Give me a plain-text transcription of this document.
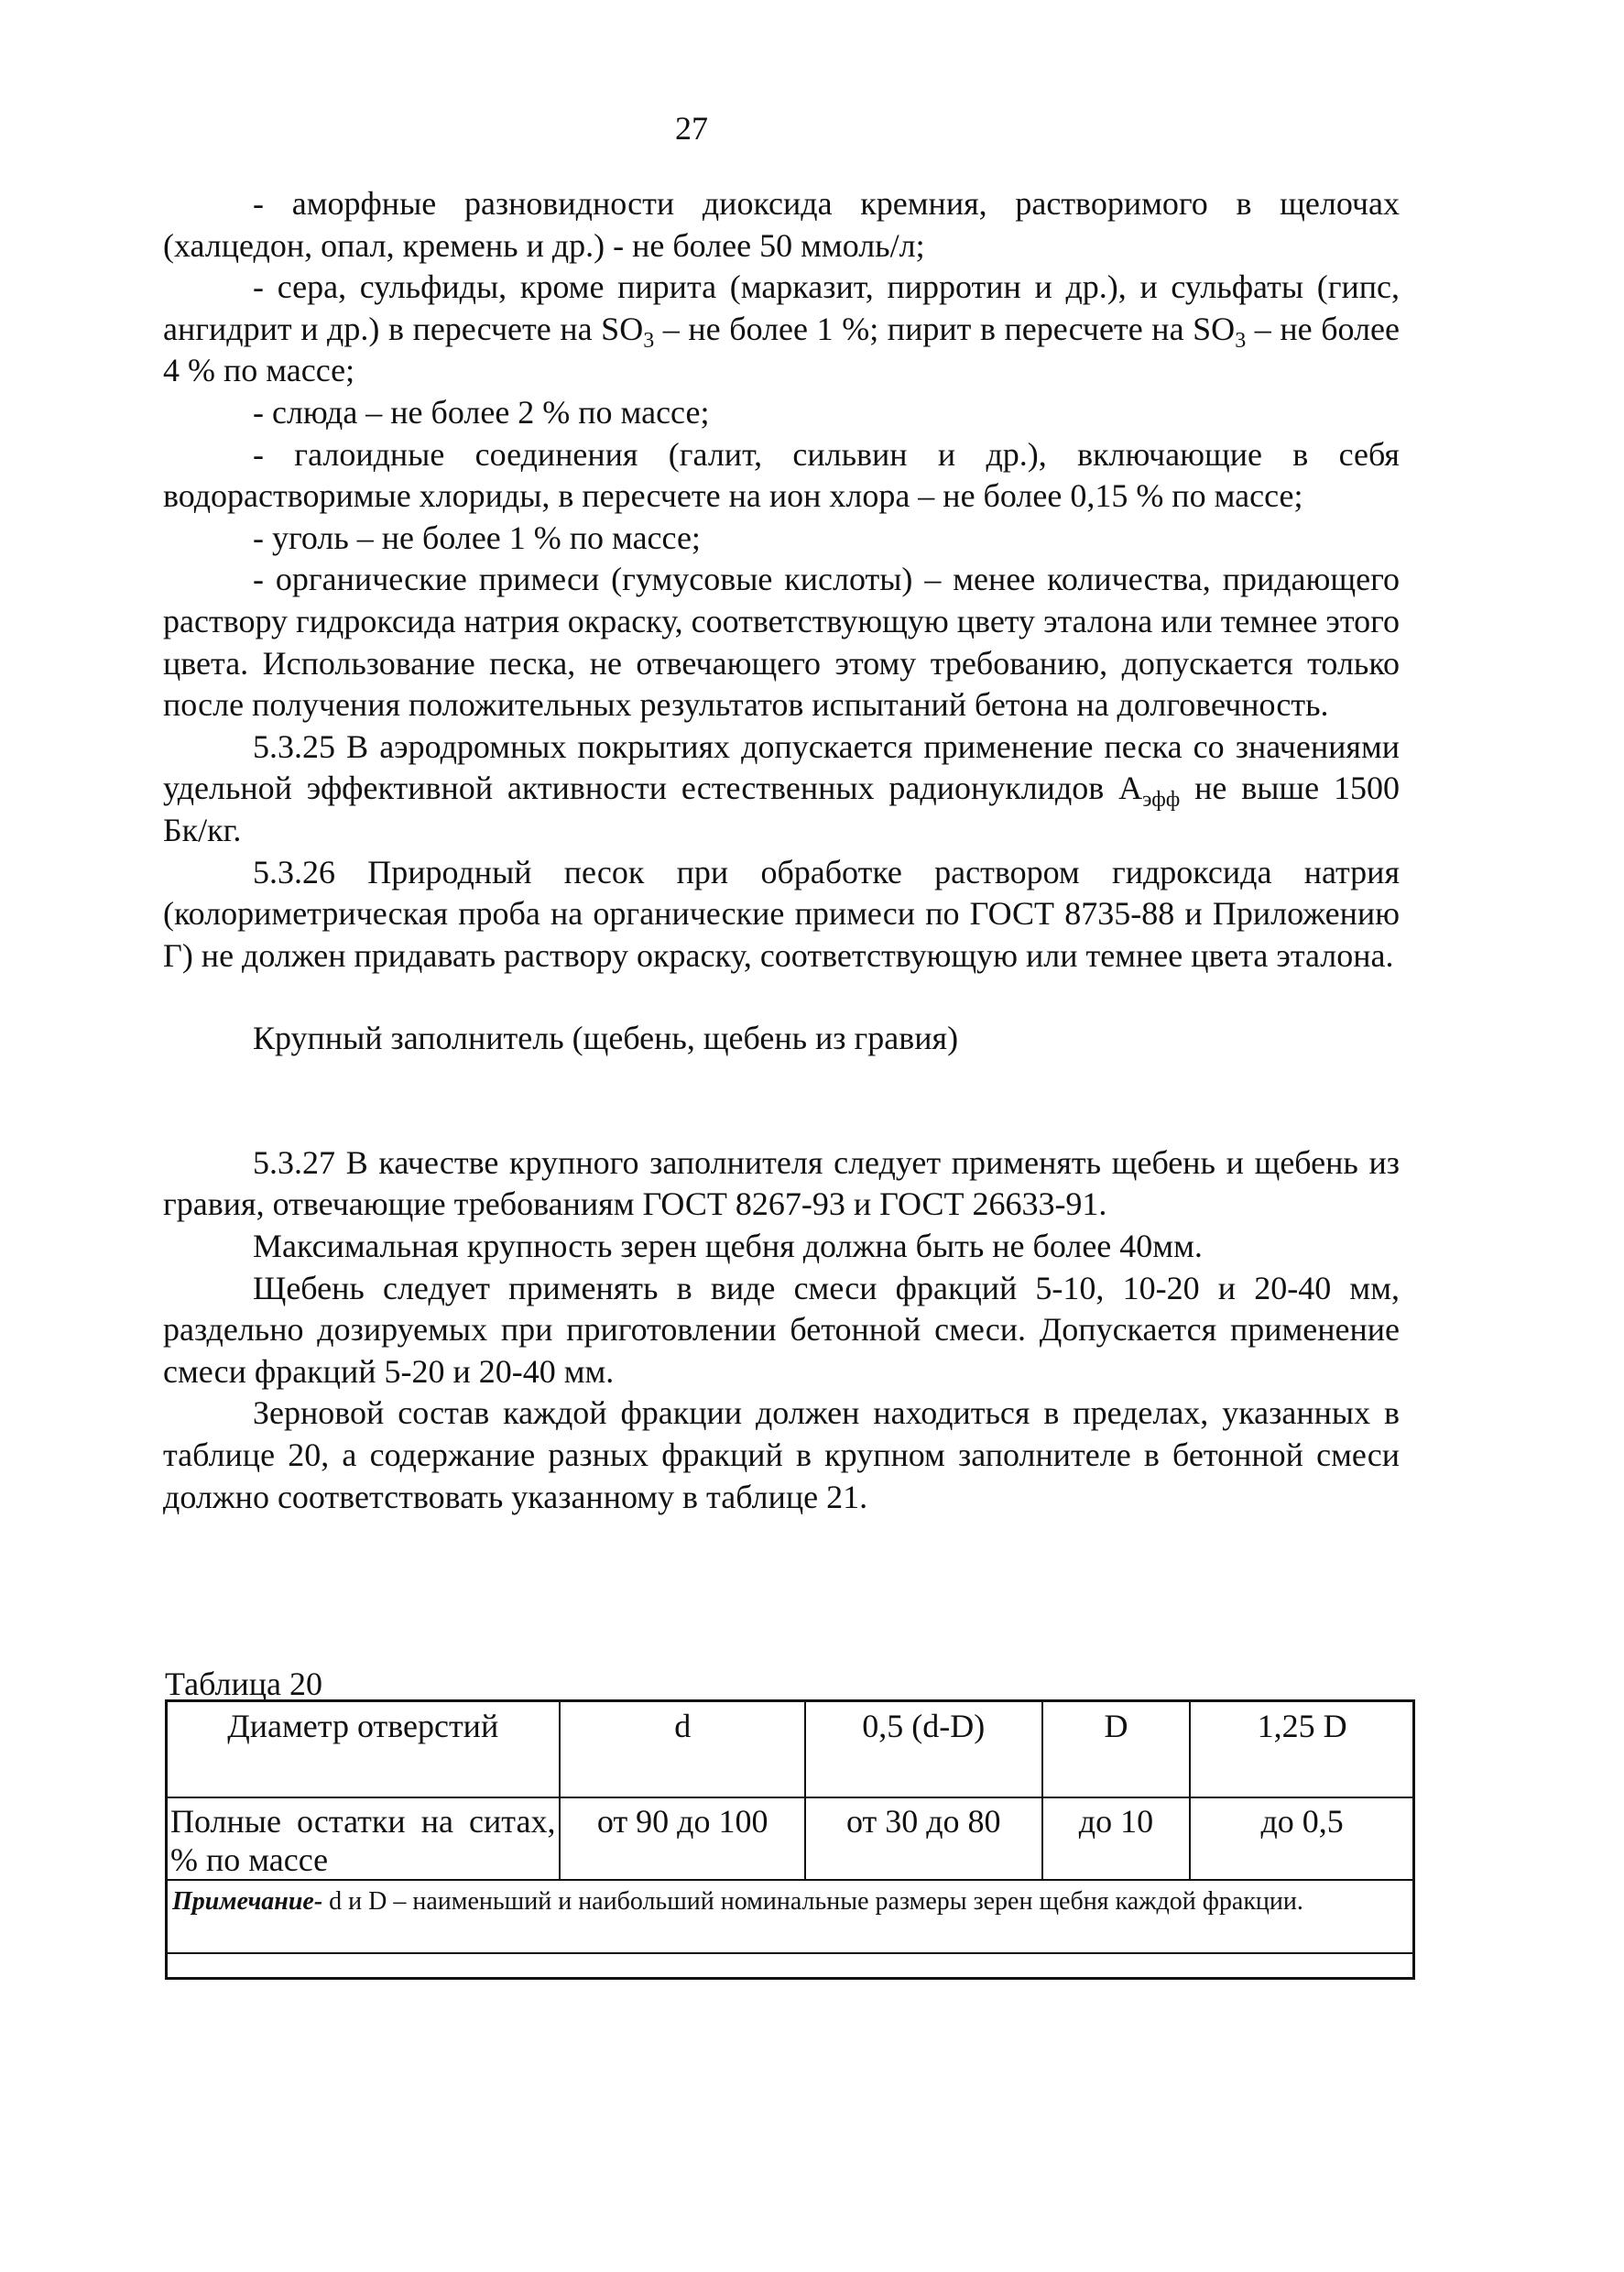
27

- аморфные разновидности диоксида кремния, растворимого в щелочах (халцедон, опал, кремень и др.) - не более 50 ммоль/л;

- сера, сульфиды, кроме пирита (марказит, пирротин и др.), и сульфаты (гипс, ангидрит и др.) в пересчете на $SO_3$ – не более 1 %; пирит в пересчете на $SO_3$ – не более 4 % по массе;

- слюда – не более 2 % по массе;

- галоидные соединения (галит, сильвин и др.), включающие в себя водорастворимые хлориды, в пересчете на ион хлора – не более 0,15 % по массе;

- уголь – не более 1 % по массе;

- органические примеси (гумусовые кислоты) – менее количества, придающего раствору гидроксида натрия окраску, соответствующую цвету эталона или темнее этого цвета. Использование песка, не отвечающего этому требованию, допускается только после получения положительных результатов испытаний бетона на долговечность.

5.3.25 В аэродромных покрытиях допускается применение песка со значениями удельной эффективной активности естественных радионуклидов $А_{эфф}$ не выше 1500 Бк/кг.

5.3.26 Природный песок при обработке раствором гидроксида натрия (колориметрическая проба на органические примеси по ГОСТ 8735-88 и Приложению Г) не должен придавать раствору окраску, соответствующую или темнее цвета эталона.

Крупный заполнитель (щебень, щебень из гравия)

5.3.27 В качестве крупного заполнителя следует применять щебень и щебень из гравия, отвечающие требованиям ГОСТ 8267-93 и ГОСТ 26633-91.

Максимальная крупность зерен щебня должна быть не более 40мм.

Щебень следует применять в виде смеси фракций 5-10, 10-20 и 20-40 мм, раздельно дозируемых при приготовлении бетонной смеси. Допускается применение смеси фракций 5-20 и 20-40 мм.

Зерновой состав каждой фракции должен находиться в пределах, указанных в таблице 20, а содержание разных фракций в крупном заполнителе в бетонной смеси должно соответствовать указанному в таблице 21.

Таблица 20
Диаметр отверстий	d	0,5 (d-D)	D	1,25 D
Полные остатки на ситах, % по массе	от 90 до 100	от 30 до 80	до 10	до 0,5
Примечание- d и D – наименьший и наибольший номинальные размеры зерен щебня каждой фракции.				
